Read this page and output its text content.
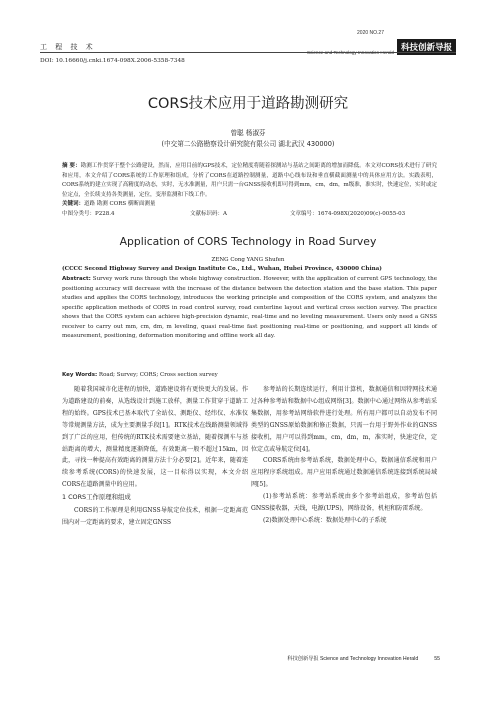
工 程 技 术
2020 NO.27
Science and Technology Innovation Herald 科技创新导报
DOI: 10.16660/j.cnki.1674-098X.2006-5358-7348
CORS技术应用于道路勘测研究
曾聪 杨淑芬
(中交第二公路勘察设计研究院有限公司 湖北武汉 430000)
摘 要：勘测工作贯穿于整个公路建设，然而，应用目前的GPS技术，定位精度将随着探测站与基站之间距离的增加而降低。本文对CORS技术进行了研究和应用，本文介绍了CORS系统的工作原理和组成，分析了CORS在道路控制测量，道路中心线布设和垂直横截面测量中的具体应用方法。实践表明，CORS系统的建立实现了高精度的动态，实时，无水准测量，用户只需一台GNSS接收机即可得到mm，cm，dm，m级准，准实时，快速定位，实时或定位定点，全长续支持各类测量，定位，变形监测和下线工作。
关键词：道路 勘测 CORS 横断面测量
中图分类号：P228.4	文献标识码：A	文章编号：1674-098X(2020)09(c)-0055-03
Application of CORS Technology in Road Survey
ZENG Cong YANG Shufen
(CCCC Second Highway Survey and Design Institute Co., Ltd., Wuhan, Hubei Province, 430000 China)
Abstract: Survey work runs through the whole highway construction. However, with the application of current GPS technology, the positioning accuracy will decrease with the increase of the distance between the detection station and the base station. This paper studies and applies the CORS technology, introduces the working principle and composition of the CORS system, and analyzes the specific application methods of CORS in road control survey, road centerline layout and vertical cross section survey. The practice shows that the CORS system can achieve high-precision dynamic, real-time and no leveling measurement. Users only need a GNSS receiver to carry out mm, cm, dm, m leveling, quasi real-time fast positioning real-time or positioning, and support all kinds of measurement, positioning, deformation monitoring and offline work all day.
Key Words: Road; Survey; CORS; Cross section survey

随着我国城市化进程的加快，道路建设将有更快更大的发展。作为道路建设的前奏，从选线设计到施工放样，测量工作贯穿于道路工程的始终。GPS技术已基本取代了全站仪、测距仪、经纬仪、水准仪等常规测量方法，成为主要测量手段[1]。RTK技术在线路测量领域得到了广泛的应用，但传统的RTK技术需要建立基站，随着探测车与基站距离的增大，测量精度逐渐降低，有效距离一般不超过15km，因此，寻找一种提高有效距离的测量方法十分必要[2]。近年来，随着连续参考系统(CORS)的快速发展，这一目标得以实现，本文介绍CORS在道路测量中的应用。

1 CORS工作原理和组成

CORS的工作原理是利用GNSS导航定位技术，根据一定距离范围内对一定距离的要求，建立固定GNSS

参考站的长期连续运行，利用计算机，数据通信和因特网技术通过各种参考站和数据中心组成网络[3]。数据中心通过网络从参考站采集数据，用参考站网络软件进行处理。所有用户都可以自动发布不同类型的GNSS原始数据和修正数据，只需一台用于野外作业的GNSS接收机，用户可以得到mm，cm，dm，m，准实时，快速定位，定位定点或导航定位[4]。

CORS系统由参考站系统，数据处理中心，数据通信系统和用户应用程序系统组成。用户应用系统通过数据通信系统连接到系统局域网[5]。

(1)参考站系统：参考站系统由多个参考站组成，参考站包括GNSS接收器，天线，电源(UPS)，网络设备，机柜和防雷系统。

(2)数据处理中心系统：数据处理中心的子系统

科技创新导报 Science and Technology Innovation Herald	55
